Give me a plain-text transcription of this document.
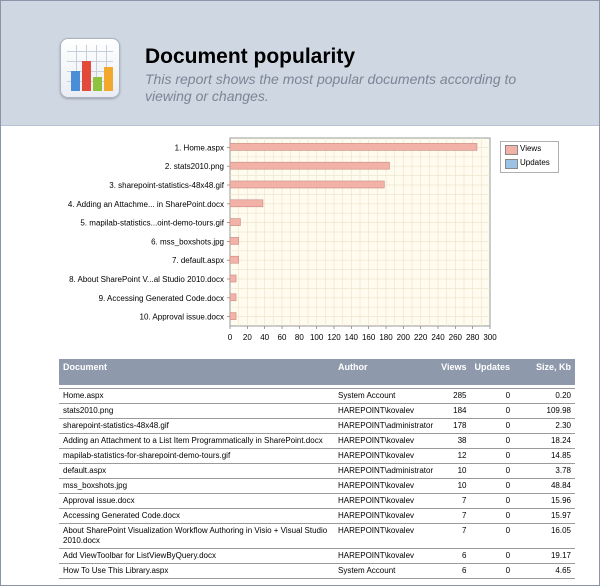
Document popularity
This report shows the most popular documents according to viewing or changes.
1. Home.aspx
2. stats2010.png
3. sharepoint-statistics-48x48.gif
4. Adding an Attachme... in SharePoint.docx
5. mapilab-statistics...oint-demo-tours.gif
6. mss_boxshots.jpg
7. default.aspx
8. About SharePoint V...al Studio 2010.docx
9. Accessing Generated Code.docx
10. Approval issue.docx
0 20 40 60 80 100 120 140 160 180 200 220 240 260 280 300
Views
Updates
Document	Author	Views	Updates	Size, Kb

Home.aspx	System Account	285	0	0.20
stats2010.png	HAREPOINT\kovalev	184	0	109.98
sharepoint-statistics-48x48.gif	HAREPOINT\administrator	178	0	2.30
Adding an Attachment to a List Item Programmatically in SharePoint.docx	HAREPOINT\kovalev	38	0	18.24
mapilab-statistics-for-sharepoint-demo-tours.gif	HAREPOINT\kovalev	12	0	14.85
default.aspx	HAREPOINT\administrator	10	0	3.78
mss_boxshots.jpg	HAREPOINT\kovalev	10	0	48.84
Approval issue.docx	HAREPOINT\kovalev	7	0	15.96
Accessing Generated Code.docx	HAREPOINT\kovalev	7	0	15.97
About SharePoint Visualization Workflow Authoring in Visio + Visual Studio 2010.docx	HAREPOINT\kovalev	7	0	16.05
Add ViewToolbar for ListViewByQuery.docx	HAREPOINT\kovalev	6	0	19.17
How To Use This Library.aspx	System Account	6	0	4.65
